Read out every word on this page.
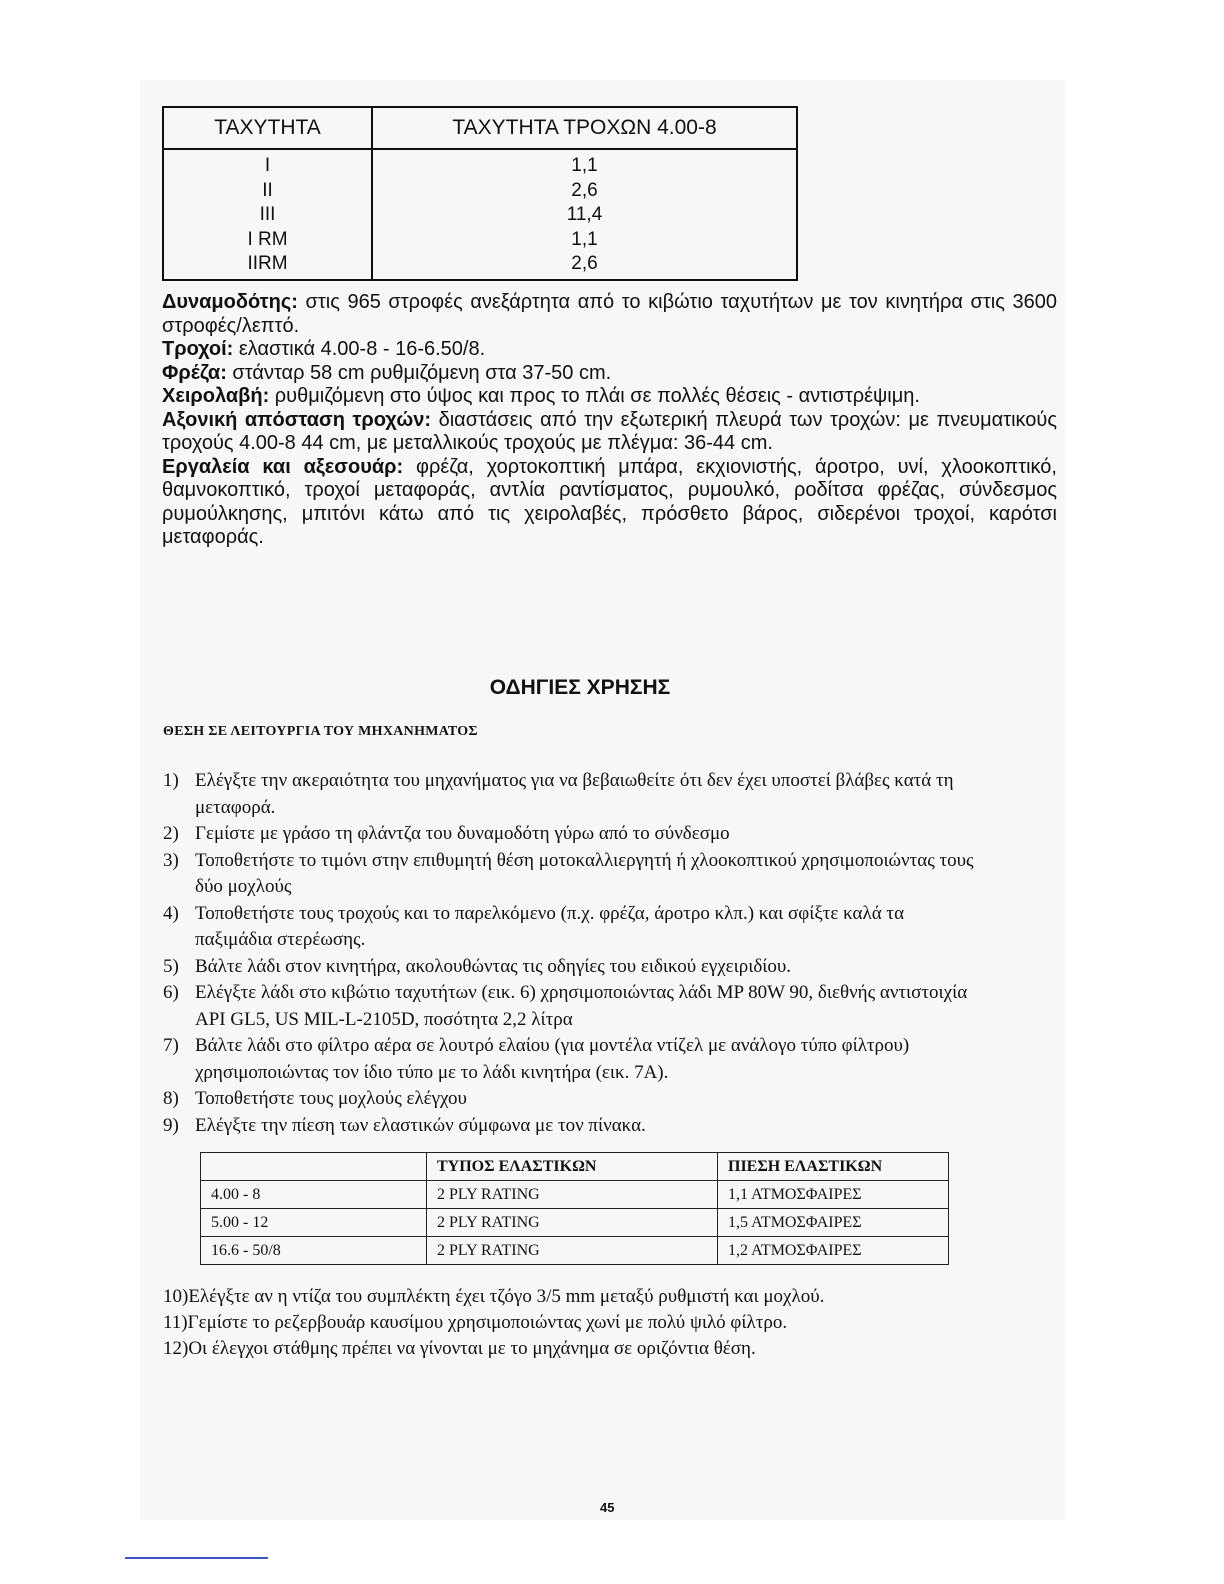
ΤΑΧΥΤΗΤΑ	ΤΑΧΥΤΗΤΑ ΤΡΟΧΩΝ 4.00-8
I	1,1
II	2,6
III	11,4
I RM	1,1
IIRM	2,6

Δυναμοδότης: στις 965 στροφές ανεξάρτητα από το κιβώτιο ταχυτήτων με τον κινητήρα στις 3600 στροφές/λεπτό.

Τροχοί: ελαστικά 4.00-8 - 16-6.50/8.

Φρέζα: στάνταρ 58 cm ρυθμιζόμενη στα 37-50 cm.

Χειρολαβή: ρυθμιζόμενη στο ύψος και προς το πλάι σε πολλές θέσεις - αντιστρέψιμη.

Αξονική απόσταση τροχών: διαστάσεις από την εξωτερική πλευρά των τροχών: με πνευματικούς τροχούς 4.00-8 44 cm, με μεταλλικούς τροχούς με πλέγμα: 36-44 cm.

Εργαλεία και αξεσουάρ: φρέζα, χορτοκοπτική μπάρα, εκχιονιστής, άροτρο, υνί, χλοοκοπτικό, θαμνοκοπτικό, τροχοί μεταφοράς, αντλία ραντίσματος, ρυμουλκό, ροδίτσα φρέζας, σύνδεσμος ρυμούλκησης, μπιτόνι κάτω από τις χειρολαβές, πρόσθετο βάρος, σιδερένοι τροχοί, καρότσι μεταφοράς.

ΟΔΗΓΙΕΣ ΧΡΗΣΗΣ
ΘΕΣΗ ΣΕ ΛΕΙΤΟΥΡΓΙΑ ΤΟΥ ΜΗΧΑΝΗΜΑΤΟΣ
1) Ελέγξτε την ακεραιότητα του μηχανήματος για να βεβαιωθείτε ότι δεν έχει υποστεί βλάβες κατά τη μεταφορά.
2) Γεμίστε με γράσο τη φλάντζα του δυναμοδότη γύρω από το σύνδεσμο
3) Τοποθετήστε το τιμόνι στην επιθυμητή θέση μοτοκαλλιεργητή ή χλοοκοπτικού χρησιμοποιώντας τους δύο μοχλούς
4) Τοποθετήστε τους τροχούς και το παρελκόμενο (π.χ. φρέζα, άροτρο κλπ.) και σφίξτε καλά τα παξιμάδια στερέωσης.
5) Βάλτε λάδι στον κινητήρα, ακολουθώντας τις οδηγίες του ειδικού εγχειριδίου.
6) Ελέγξτε λάδι στο κιβώτιο ταχυτήτων (εικ. 6) χρησιμοποιώντας λάδι MP 80W 90, διεθνής αντιστοιχία API GL5, US MIL-L-2105D, ποσότητα 2,2 λίτρα
7) Βάλτε λάδι στο φίλτρο αέρα σε λουτρό ελαίου (για μοντέλα ντίζελ με ανάλογο τύπο φίλτρου) χρησιμοποιώντας τον ίδιο τύπο με το λάδι κινητήρα (εικ. 7A).
8) Τοποθετήστε τους μοχλούς ελέγχου
9) Ελέγξτε την πίεση των ελαστικών σύμφωνα με τον πίνακα.
	ΤΥΠΟΣ ΕΛΑΣΤΙΚΩΝ	ΠΙΕΣΗ ΕΛΑΣΤΙΚΩΝ
4.00 - 8	2 PLY RATING	1,1 ΑΤΜΟΣΦΑΙΡΕΣ
5.00 - 12	2 PLY RATING	1,5 ΑΤΜΟΣΦΑΙΡΕΣ
16.6 - 50/8	2 PLY RATING	1,2 ΑΤΜΟΣΦΑΙΡΕΣ
10)Ελέγξτε αν η ντίζα του συμπλέκτη έχει τζόγο 3/5 mm μεταξύ ρυθμιστή και μοχλού.
11)Γεμίστε το ρεζερβουάρ καυσίμου χρησιμοποιώντας χωνί με πολύ ψιλό φίλτρο.
12)Οι έλεγχοι στάθμης πρέπει να γίνονται με το μηχάνημα σε οριζόντια θέση.
45
